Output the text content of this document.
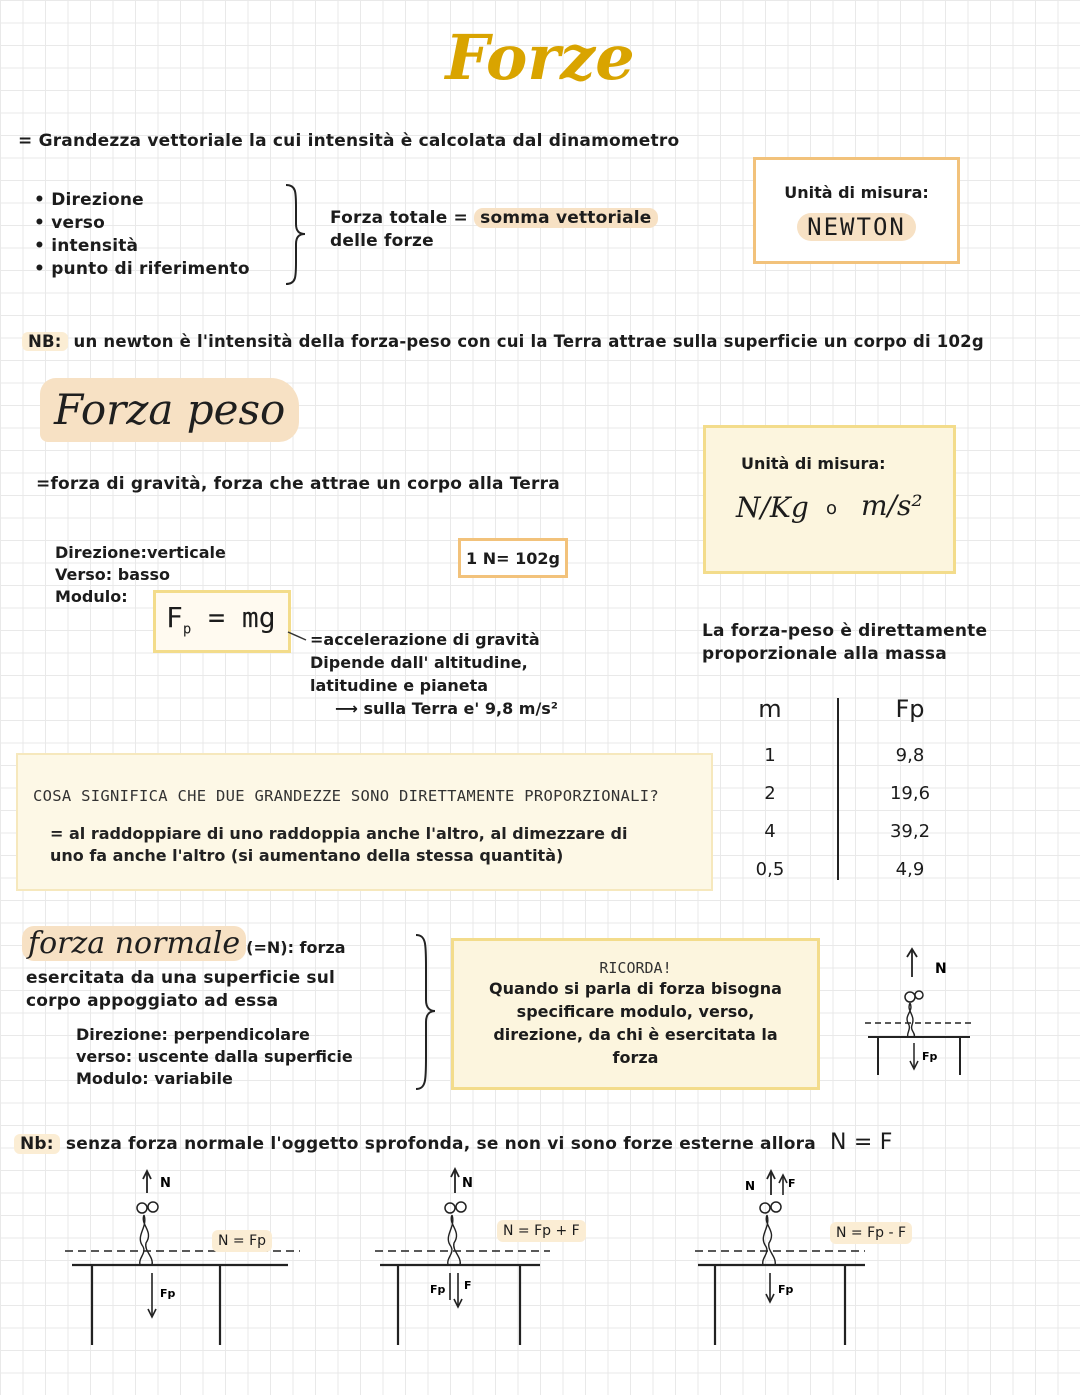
Forze
= Grandezza vettoriale la cui intensità è calcolata dal dinamometro
• Direzione
• verso
• intensità
• punto di riferimento
Forza totale = somma vettoriale
delle forze
Unità di misura:
NEWTON
NB: un newton è l'intensità della forza-peso con cui la Terra attrae sulla superficie un corpo di 102g
Forza peso
=forza di gravità, forza che attrae un corpo alla Terra
Unità di misura:
N/Kg o m/s²
Direzione:verticale
Verso: basso
Modulo:
1 N= 102g
$F_p$ = mg
=accelerazione di gravità
Dipende dall' altitudine,
latitudine e pianeta
⟶ sulla Terra e' 9,8 m/s²
La forza-peso è direttamente
proporzionale alla massa
COSA SIGNIFICA CHE DUE GRANDEZZE SONO DIRETTAMENTE PROPORZIONALI?
= al raddoppiare di uno raddoppia anche l'altro, al dimezzare di
uno fa anche l'altro (si aumentano della stessa quantità)
m	Fp
1	9,8
2	19,6
4	39,2
0,5	4,9
forza normale (=N): forza
esercitata da una superficie sul
corpo appoggiato ad essa
Direzione: perpendicolare
verso: uscente dalla superficie
Modulo: variabile
RICORDA!
Quando si parla di forza bisogna
specificare modulo, verso,
direzione, da chi è esercitata la
forza
N
Fp
Nb: senza forza normale l'oggetto sprofonda, se non vi sono forze esterne allora N = F
N
Fp
N = Fp
N
Fp F
N = Fp + F
N	F
Fp
N = Fp - F
